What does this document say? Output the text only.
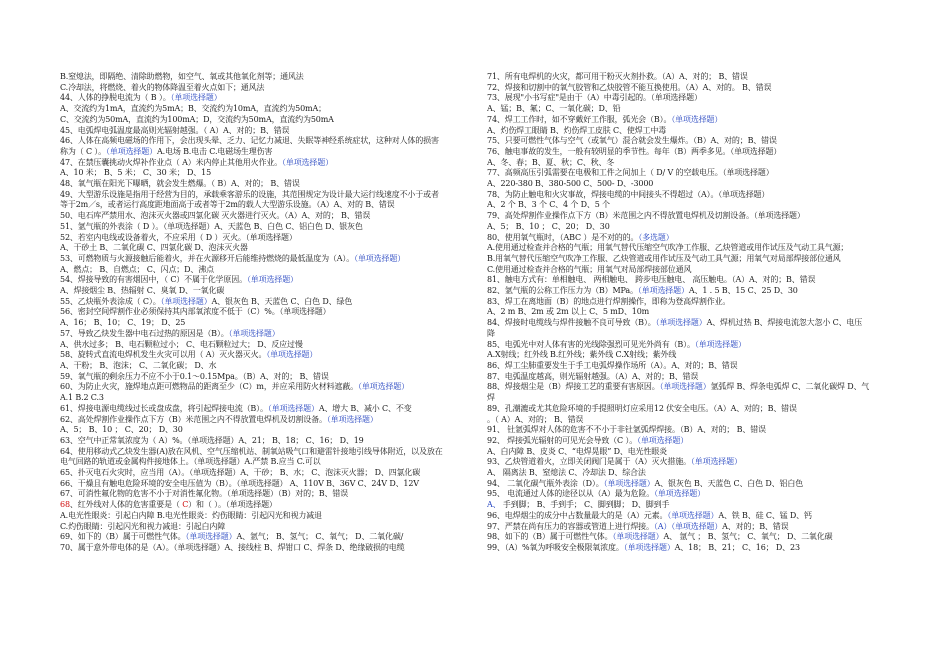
B.窒熄法，即隔绝、清除助燃物，如空气、氧或其他氧化剂等；通风法
C.冷却法，将燃烧、着火的物体降温至着火点如下；通风法
44、人体的挣脱电流为（ B ）。（单项选择题）
A、交流约为1mA，直流约为5mA；B、交流约为10mA，直流约为50mA；
C、交流约为50mA，直流约为100mA；D，交流约为50mA，直流约为50mA
45、电弧焊电弧温度最高则光辐射越强。（ A）A、对的；B、错误
46、人体在高频电磁场的作用下，会出现头晕、乏力、记忆力减退、失眠等神经系统症状，这种对人体的损害
称为（ C ）。（单项选择题）A.电场 B.电击 C.电磁场生理伤害
47、在禁压囊挑动火焊补作业点（ A）米内停止其他用火作业。（单项选择题）
A、10 米； B、5 米； C、30 米； D、15
48、氧气瓶在阳光下曝晒，就会发生燃爆。（ B）A、对的； B、错误
49、大型游乐设施是指用于经营为目的，承载乘客游乐的设施，其范围规定为设计最大运行线速度不小于或者
等于2m／s，或者运行高度距地面高于或者等于2m的载人大型游乐设施。（A）A、对的 B、错误
50、电石库严禁用水、泡沫灭火器或四氯化碳 灭火器进行灭火。（A）A、对的； B、错误
51、氩气瓶的外表涂（ D ）。（单项选择题）A、天蓝色 B、白色 C、铝白色 D、银灰色
52、若室内电线或设备着火，不应采用（ D ）灭火。（单项选择题）
A、干砂土 B、二氧化碳 C、四氯化碳 D、泡沫灭火器
53、可燃物质与火源接触后能着火，并在火源移开后能维持燃烧的最低温度为（A）。（单项选择题）
A、燃点； B、自燃点； C、闪点；D、沸点
54、焊接导致的有害烟因中，（ C）不属于化学原因。（单项选择题）
A、焊接烟尘 B、热辐射 C、臭氧 D、一氧化碳
55、乙炔瓶外表涂成（ C）。（单项选择题）A、银灰色 B、天蓝色 C、白色 D、绿色
56、密封空间焊割作业必须保持其内部氧浓度不低于（C）%。（单项选择题）
A、16； B、10； C、19； D、25
57、导致乙炔发生器中电石过热的原因是（B）。（单项选择题）
A、供水过多； B、电石颗粒过小； C、电石颗粒过大； D、反应过慢
58、旋转式直流电焊机发生火灾可以用（ A）灭火器灭火。（单项选择题）
A、干粉； B、泡沫； C、二氧化碳； D、水
59、氧气瓶的剩余压力不应不小于0.1～0.15Mpa。（B）A、对的； B、错误
60、为防止火灾，施焊地点距可燃物品的距离至少（C）m，并应采用防火材料遮蔽。（单项选择题）
A.1 B.2 C.3
61、焊接电源电缆线过长或盘成盘，将引起焊接电流（B）。（单项选择题）A、增大 B、减小 C、不变
62、高处焊割作业操作点下方（B）米范围之内不得放置电焊机及切割设备。（单项选择题）
A、5； B、10 ； C、20； D、30
63、空气中正常氧浓度为（ A）%。（单项选择题）A、21； B、18； C、16； D、19
64、使用移动式乙炔发生器(A)放在风机、空气压缩机站、制氧站吸气口和避雷针接地引线导体附近，以及放在
电气回路的轨道或金属构件接地体上。（单项选择题）A.严禁 B.应当 C.可以
65、扑灭电石火灾时，应当用（A）。（单项选择题）A、干砂； B、水； C、泡沫灭火器； D、四氯化碳
66、干燥且有触电危险环境的安全电压值为（B）。（单项选择题） A、110V B、36V C、24V D、12V
67、可消性氟化物的危害不小于对消性氟化物。（单项选择题）（B）对的；B、错误
68、红外线对人体的危害重要是（ C）和（ ）。（单项选择题）
A.电光性眼炎：引起白内障 B.电光性眼炎：灼伤眼睛：引起闪光和视力减退
C.灼伤眼睛：引起闪光和视力减退：引起白内障
69、如下的（B）属于可燃性气体。（单项选择题）A、氩气； B、氢气； C、氧气； D、二氧化碳/
70、属于意外带电体的是（A）。（单项选择题）A、接线柱 B、焊钳口 C、焊条 D、绝缘破损的电缆
71、所有电焊机的火灾，都可用干粉灭火剂扑救。（A）A、对的； B、错误
72、焊接和切割中的氧气胶管和乙炔胶管不能互换使用。（A）A、对的。 B、错误
73、展现"小书写症"是由于（A）中毒引起的。（单项选择题）
A、锰；B、氟；C、一氧化碳；D、铅
74、焊工工作时，如不穿戴好工作服，弧光会（B）。（单项选择题）
A、灼伤焊工眼睛 B、灼伤焊工皮肤 C、使焊工中毒
75、只要可燃性气体与空气（或氧气）混合就会发生爆炸。（B）A、对的；B、错误
76、触电事故的发生，一般有较明显的季节性。每年（B）两季多见。（单项选择题）
A、冬、春；B、夏、秋；C、秋、冬
77、高频高压引弧需要在电极和工件之间加上（ D/ V 的空载电压。（单项选择题）
A、220-380 B、380-500 C、500- D、-3000
78、为防止触电和火灾事故，焊接电缆的中间接头不得超过（A）。（单项选择题）
A、2 个 B、3 个 C、4 个 D、5 个
79、高处焊割作业操作点下方（B）米范围之内不得放置电焊机及切割设备。（单项选择题）
A、5； B、10 ； C、20； D、30
80、使用氧气瓶时，（ABC ）是不对的的。（多选题）
A.使用通过检查并合格的气瓶；用氧气替代压缩空气吹净工作服、乙炔管道或用作试压及气动工具气源；
B.用氧气替代压缩空气吹净工作服、乙炔管道或用作试压及气动工具气源；用氧气对局部焊接部位通风
C.使用通过检查并合格的气瓶；用氧气对局部焊接部位通风
81、触电方式有：单相触电、 两相触电、 跨步电压触电、 高压触电。（A）A、对的；B、错误
82、氩气瓶的公称工作压力为（B）MPa。（单项选择题）A、1 . 5 B、15 C、25 D、30
83、焊工在离地面（B）的地点进行焊割操作，即称为登高焊割作业。
A、2 m B、2m 或 2m 以上 C、5 mD、10m
84、焊接时电缆线与焊件接触不良可导致（B）。（单项选择题）A、焊机过热 B、焊接电流忽大忽小 C、电压
降
85、电弧光中对人体有害的光线除强烈可见光外尚有（B）。（单项选择题）
A.X射线；红外线 B.红外线；紫外线 C.X射线；紫外线
86、焊工尘肺重要发生于手工电弧焊操作场所（A）。A、对的；B、错误
87、电弧温度越高，则光辐射越强。（A）A、对的；B、错误
88、焊接烟尘是（B）焊接工艺的重要有害原因。（单项选择题）氩弧焊 B、焊条电弧焊 C、二氧化碳焊 D、气
焊
89、孔潮漉或尤其危险环境的手提照明灯应采用12 伏安全电压。（A）A、对的；B、错误
。（ A）A、对的； B、错误
91、 钍氩弧焊对人体的危害不不小于非钍氩弧焊焊接。（B）A、对的； B、错误
92、 焊接弧光辐射的可见光会导致（C ）。（单项选择题）
A、白内障 B、皮炎 C、“电焊晃眼” D、电光性眼炎
93、乙炔管道着火，立即关闭阀门是属于（A）灭火措施。（单项选择题）
A、 隔离法 B、窒熄法 C、冷却法 D、综合法
94、 二氧化碳气瓶外表涂（D）。（单项选择题）A、银灰色 B、天蓝色 C、白色 D、铝白色
95、 电流通过人体的途径以从（A）最为危险。（单项选择题）
A、 手到脚； B、手到手； C、脚到脚； D、脚到手
96、电焊烟尘的成分中占数量最大的是（A）元素。（单项选择题）A、铁 B、硅 C、锰 D、钙
97、严禁在尚有压力的容器或管道上进行焊接。（A）（单项选择题）A、对的；B、错误
98、如下的（B）属于可燃性气体。（单项选择题）A、 氩气 ； B、氢气； C、氧气； D、二氧化碳
99、（A）%氧为呼吸安全极限氧浓度。（单项选择题）A、18； B、21； C、16； D、23
